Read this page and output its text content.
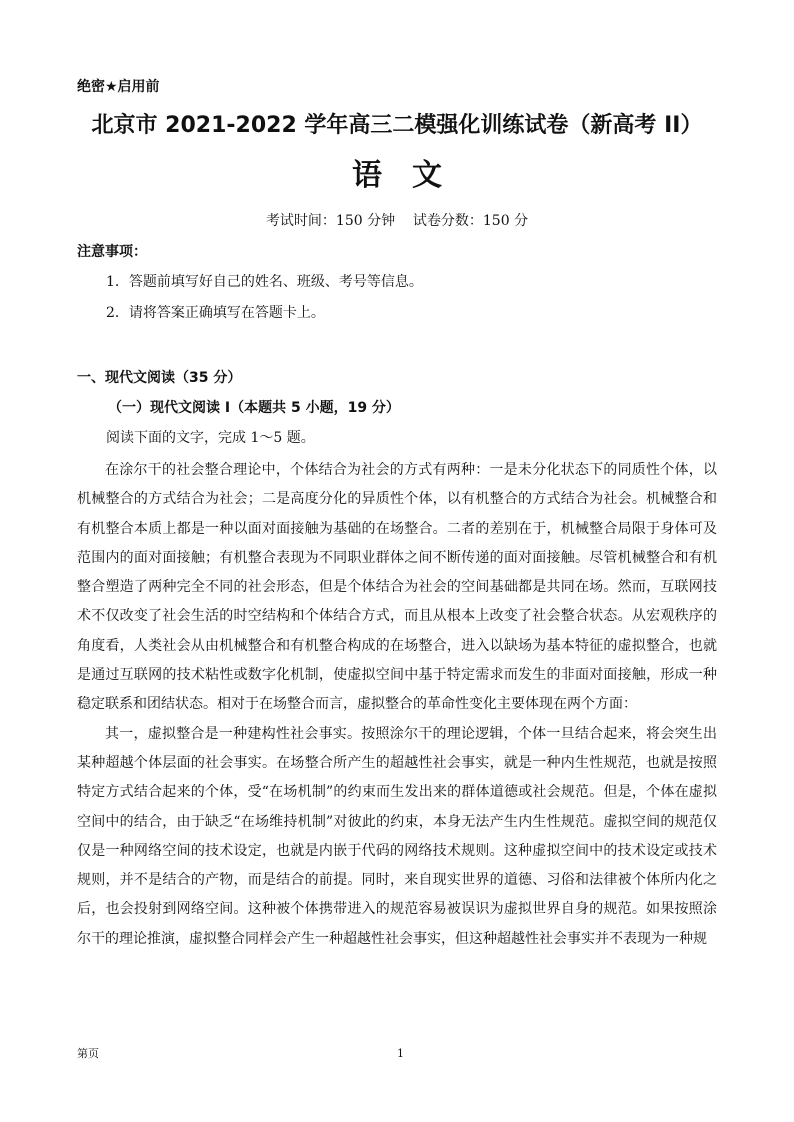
绝密★启用前
北京市 2021-2022 学年高三二模强化训练试卷（新高考 II）
语文
考试时间：150 分钟    试卷分数：150 分
注意事项：
1．答题前填写好自己的姓名、班级、考号等信息。
2．请将答案正确填写在答题卡上。
一、现代文阅读（35 分）
（一）现代文阅读 I（本题共 5 小题，19 分）
阅读下面的文字，完成 1～5 题。

在涂尔干的社会整合理论中，个体结合为社会的方式有两种：一是未分化状态下的同质性个体，以机械整合的方式结合为社会；二是高度分化的异质性个体，以有机整合的方式结合为社会。机械整合和有机整合本质上都是一种以面对面接触为基础的在场整合。二者的差别在于，机械整合局限于身体可及范围内的面对面接触；有机整合表现为不同职业群体之间不断传递的面对面接触。尽管机械整合和有机整合塑造了两种完全不同的社会形态，但是个体结合为社会的空间基础都是共同在场。然而，互联网技术不仅改变了社会生活的时空结构和个体结合方式，而且从根本上改变了社会整合状态。从宏观秩序的角度看，人类社会从由机械整合和有机整合构成的在场整合，进入以缺场为基本特征的虚拟整合，也就是通过互联网的技术粘性或数字化机制，使虚拟空间中基于特定需求而发生的非面对面接触，形成一种稳定联系和团结状态。相对于在场整合而言，虚拟整合的革命性变化主要体现在两个方面：

其一，虚拟整合是一种建构性社会事实。按照涂尔干的理论逻辑，个体一旦结合起来，将会突生出某种超越个体层面的社会事实。在场整合所产生的超越性社会事实，就是一种内生性规范，也就是按照特定方式结合起来的个体，受“在场机制”的约束而生发出来的群体道德或社会规范。但是，个体在虚拟空间中的结合，由于缺乏“在场维持机制”对彼此的约束，本身无法产生内生性规范。虚拟空间的规范仅仅是一种网络空间的技术设定，也就是内嵌于代码的网络技术规则。这种虚拟空间中的技术设定或技术规则，并不是结合的产物，而是结合的前提。同时，来自现实世界的道德、习俗和法律被个体所内化之后，也会投射到网络空间。这种被个体携带进入的规范容易被误识为虚拟世界自身的规范。如果按照涂尔干的理论推演，虚拟整合同样会产生一种超越性社会事实，但这种超越性社会事实并不表现为一种规

第页	1
